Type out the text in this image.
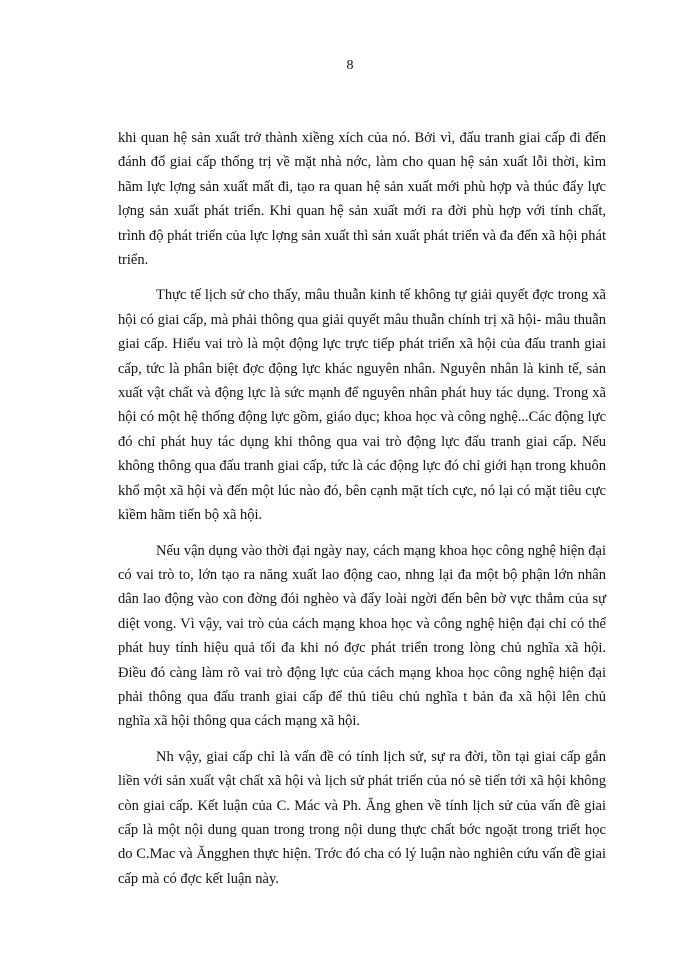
8

khi quan hệ sản xuất trở thành xiềng xích của nó. Bởi vì, đấu tranh giai cấp đi đến đánh đổ giai cấp thống trị về mặt nhà nớc, làm cho quan hệ sản xuất lỗi thời, kìm hãm lực lợng sản xuất mất đi, tạo ra quan hệ sản xuất mới phù hợp và thúc đẩy lực lợng sản xuất phát triển. Khi quan hệ sản xuất mới ra đời phù hợp với tính chất, trình độ phát triển của lực lợng sản xuất thì sản xuất phát triển và đa đến xã hội phát triển.

Thực tế lịch sử cho thấy, mâu thuẫn kinh tế không tự giải quyết đợc trong xã hội có giai cấp, mà phải thông qua giải quyết mâu thuẫn chính trị xã hội- mâu thuẫn giai cấp. Hiểu vai trò là một động lực trực tiếp phát triển xã hội của đấu tranh giai cấp, tức là phân biệt đợc động lực khác nguyên nhân. Nguyên nhân là kinh tế, sản xuất vật chất và động lực là sức mạnh để nguyên nhân phát huy tác dụng. Trong xã hội có một hệ thống động lực gồm, giáo dục; khoa học và công nghệ...Các động lực đó chỉ phát huy tác dụng khi thông qua vai trò động lực đấu tranh giai cấp. Nếu không thông qua đấu tranh giai cấp, tức là các động lực đó chỉ giới hạn trong khuôn khổ một xã hội và đến một lúc nào đó, bên cạnh mặt tích cực, nó lại có mặt tiêu cực kìềm hãm tiến bộ xã hội.

Nếu vận dụng vào thời đại ngày nay, cách mạng khoa học công nghệ hiện đại có vai trò to, lớn tạo ra năng xuất lao động cao, nhng lại đa một bộ phận lớn nhân dân lao động vào con đờng đói nghèo và đẩy loài ngời đến bên bờ vực thẳm của sự diệt vong. Vì vậy, vai trò của cách mạng khoa học và công nghệ hiện đại chỉ có thể phát huy tính hiệu quả tối đa khi nó đợc phát triển trong lòng chủ nghĩa xã hội. Điều đó càng làm rõ vai trò động lực của cách mạng khoa học công nghệ hiện đại phải thông qua đấu tranh giai cấp để thủ tiêu chủ nghĩa t bản đa xã hội lên chủ nghĩa xã hội thông qua cách mạng xã hội.

Nh vậy, giai cấp chỉ là vấn đề có tính lịch sử, sự ra đời, tồn tại giai cấp gắn liền với sản xuất vật chất xã hội và lịch sử phát triển của nó sẽ tiến tới xã hội không còn giai cấp. Kết luận của C. Mác và Ph. Ăng ghen về tính lịch sử của vấn đề giai cấp là một nội dung quan trong trong nội dung thực chất bớc ngoặt trong triết học do C.Mac và Ăngghen thực hiện. Trớc đó cha có lý luận nào nghiên cứu vấn đề giai cấp mà có đợc kết luận này.
